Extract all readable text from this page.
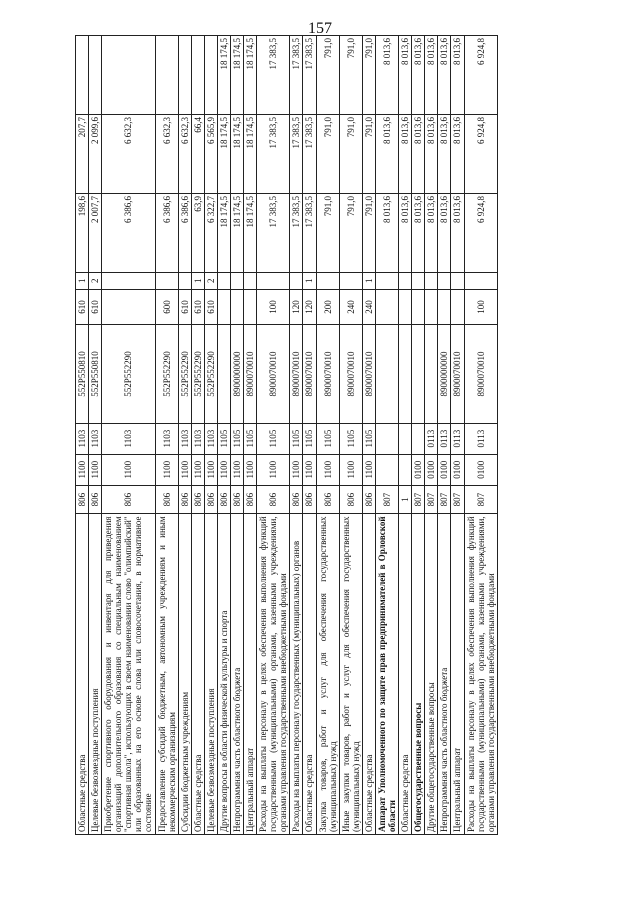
157
Областные средства	806	1100	1103	552P550810	610	1	198,6	207,7	
Целевые безвозмездные поступления	806	1100	1103	552P550810	610	2	2 007,7	2 099,6	
Приобретение спортивного оборудования и инвентаря для приведения организаций дополнительного образования со специальным наименованием "спортивная школа", использующих в своем наименовании слово "олимпийский" или образованных на его основе слова или словосочетания, в нормативное состояние	806	1100	1103	552P552290			6 386,6	6 632,3	
Предоставление субсидий бюджетным, автономным учреждениям и иным некоммерческим организациям	806	1100	1103	552P552290	600		6 386,6	6 632,3	
Субсидии бюджетным учреждениям	806	1100	1103	552P552290	610		6 386,6	6 632,3	
Областные средства	806	1100	1103	552P552290	610	1	63,9	66,4	
Целевые безвозмездные поступления	806	1100	1103	552P552290	610	2	6 322,7	6 565,9	
Другие вопросы в области физической культуры и спорта	806	1100	1105				18 174,5	18 174,5	18 174,5
Непрограммная часть областного бюджета	806	1100	1105	8900000000			18 174,5	18 174,5	18 174,5
Центральный аппарат	806	1100	1105	8900070010			18 174,5	18 174,5	18 174,5
Расходы на выплаты персоналу в целях обеспечения выполнения функций государственными (муниципальными) органами, казенными учреждениями, органами управления государственными внебюджетными фондами	806	1100	1105	8900070010	100		17 383,5	17 383,5	17 383,5
Расходы на выплаты персоналу государственных (муниципальных) органов	806	1100	1105	8900070010	120		17 383,5	17 383,5	17 383,5
Областные средства	806	1100	1105	8900070010	120	1	17 383,5	17 383,5	17 383,5
Закупка товаров, работ и услуг для обеспечения государственных (муниципальных) нужд	806	1100	1105	8900070010	200		791,0	791,0	791,0
Иные закупки товаров, работ и услуг для обеспечения государственных (муниципальных) нужд	806	1100	1105	8900070010	240		791,0	791,0	791,0
Областные средства	806	1100	1105	8900070010	240	1	791,0	791,0	791,0
Аппарат Уполномоченного по защите прав предпринимателей в Орловской области	807						8 013,6	8 013,6	8 013,6
Областные средства	1						8 013,6	8 013,6	8 013,6
Общегосударственные вопросы	807	0100					8 013,6	8 013,6	8 013,6
Другие общегосударственные вопросы	807	0100	0113				8 013,6	8 013,6	8 013,6
Непрограммная часть областного бюджета	807	0100	0113	8900000000			8 013,6	8 013,6	8 013,6
Центральный аппарат	807	0100	0113	8900070010			8 013,6	8 013,6	8 013,6
Расходы на выплаты персоналу в целях обеспечения выполнения функций государственными (муниципальными) органами, казенными учреждениями, органами управления государственными внебюджетными фондами	807	0100	0113	8900070010	100		6 924,8	6 924,8	6 924,8
